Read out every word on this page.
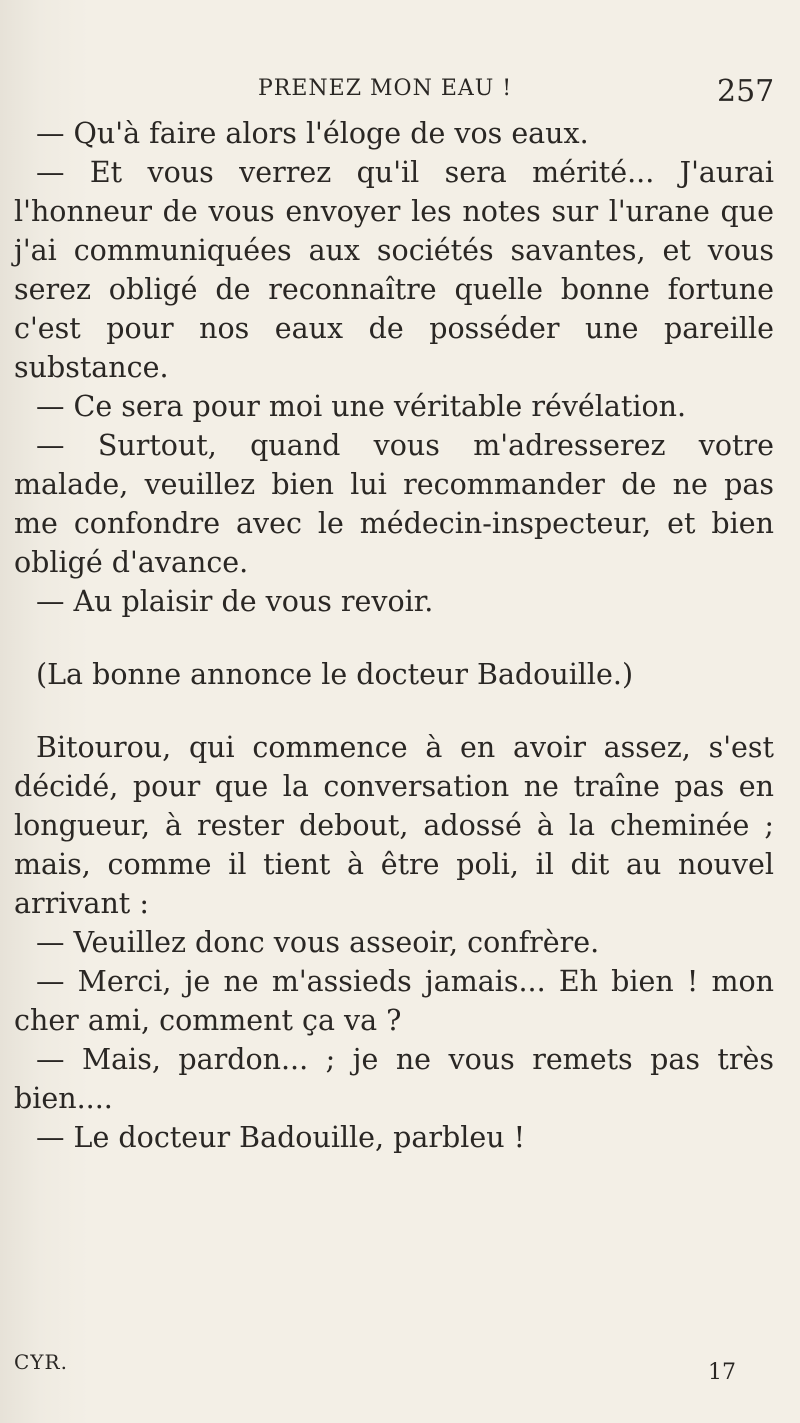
PRENEZ MON EAU !	257

— Qu'à faire alors l'éloge de vos eaux.

— Et vous verrez qu'il sera mérité... J'aurai l'honneur de vous envoyer les notes sur l'urane que j'ai communiquées aux sociétés savantes, et vous serez obligé de reconnaître quelle bonne fortune c'est pour nos eaux de posséder une pareille substance.

— Ce sera pour moi une véritable révélation.

— Surtout, quand vous m'adresserez votre malade, veuillez bien lui recommander de ne pas me confondre avec le médecin-inspecteur, et bien obligé d'avance.

— Au plaisir de vous revoir.

(La bonne annonce le docteur Badouille.)

Bitourou, qui commence à en avoir assez, s'est décidé, pour que la conversation ne traîne pas en longueur, à rester debout, adossé à la cheminée ; mais, comme il tient à être poli, il dit au nouvel arrivant :

— Veuillez donc vous asseoir, confrère.

— Merci, je ne m'assieds jamais... Eh bien ! mon cher ami, comment ça va ?

— Mais, pardon... ; je ne vous remets pas très bien....

— Le docteur Badouille, parbleu !

CYR.	17
